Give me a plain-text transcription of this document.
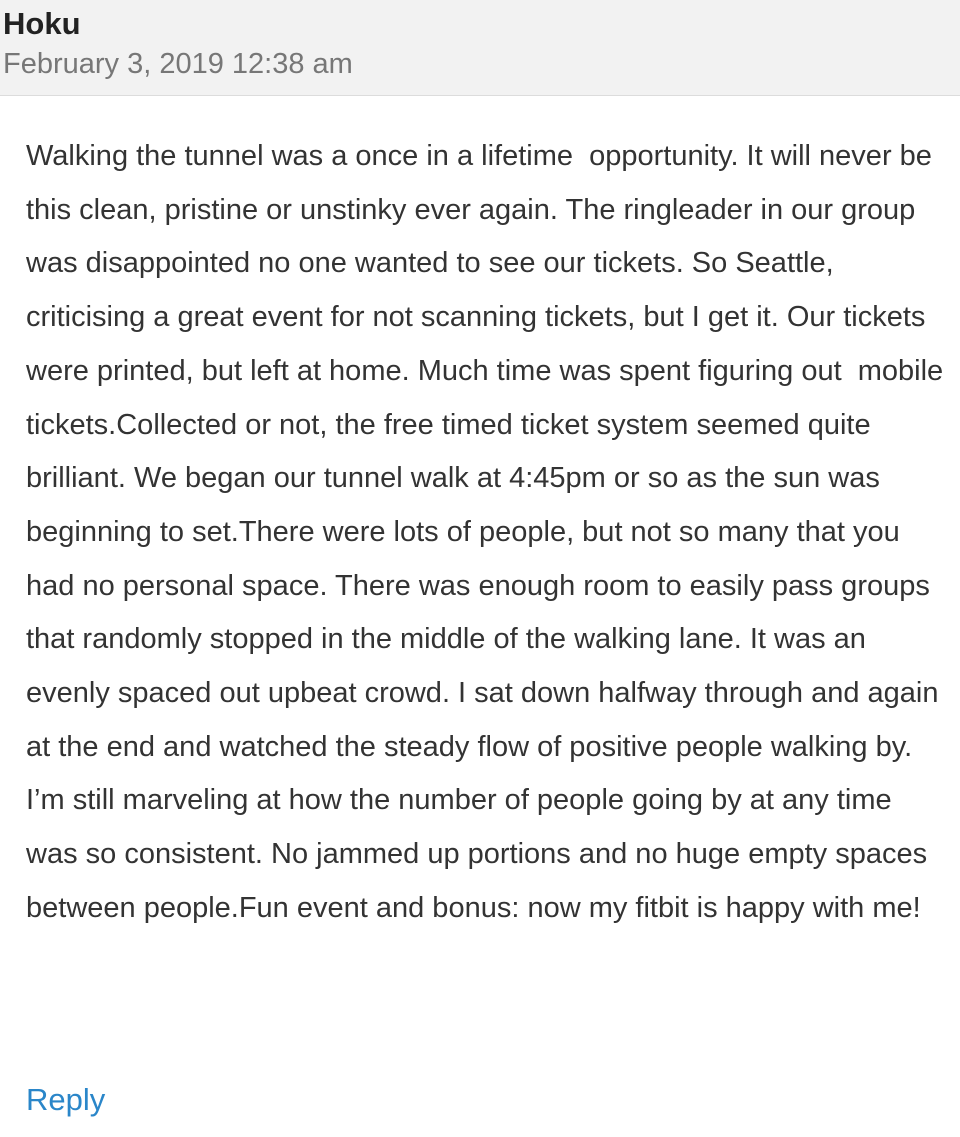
Hoku
February 3, 2019 12:38 am

Walking the tunnel was a once in a lifetime  opportunity. It will never be this clean, pristine or unstinky ever again. The ringleader in our group was disappointed no one wanted to see our tickets. So Seattle, criticising a great event for not scanning tickets, but I get it. Our tickets were printed, but left at home. Much time was spent figuring out  mobile tickets.Collected or not, the free timed ticket system seemed quite brilliant. We began our tunnel walk at 4:45pm or so as the sun was beginning to set.There were lots of people, but not so many that you had no personal space. There was enough room to easily pass groups that randomly stopped in the middle of the walking lane. It was an evenly spaced out upbeat crowd. I sat down halfway through and again at the end and watched the steady flow of positive people walking by. I’m still marveling at how the number of people going by at any time was so consistent. No jammed up portions and no huge empty spaces between people.Fun event and bonus: now my fitbit is happy with me!

Reply
